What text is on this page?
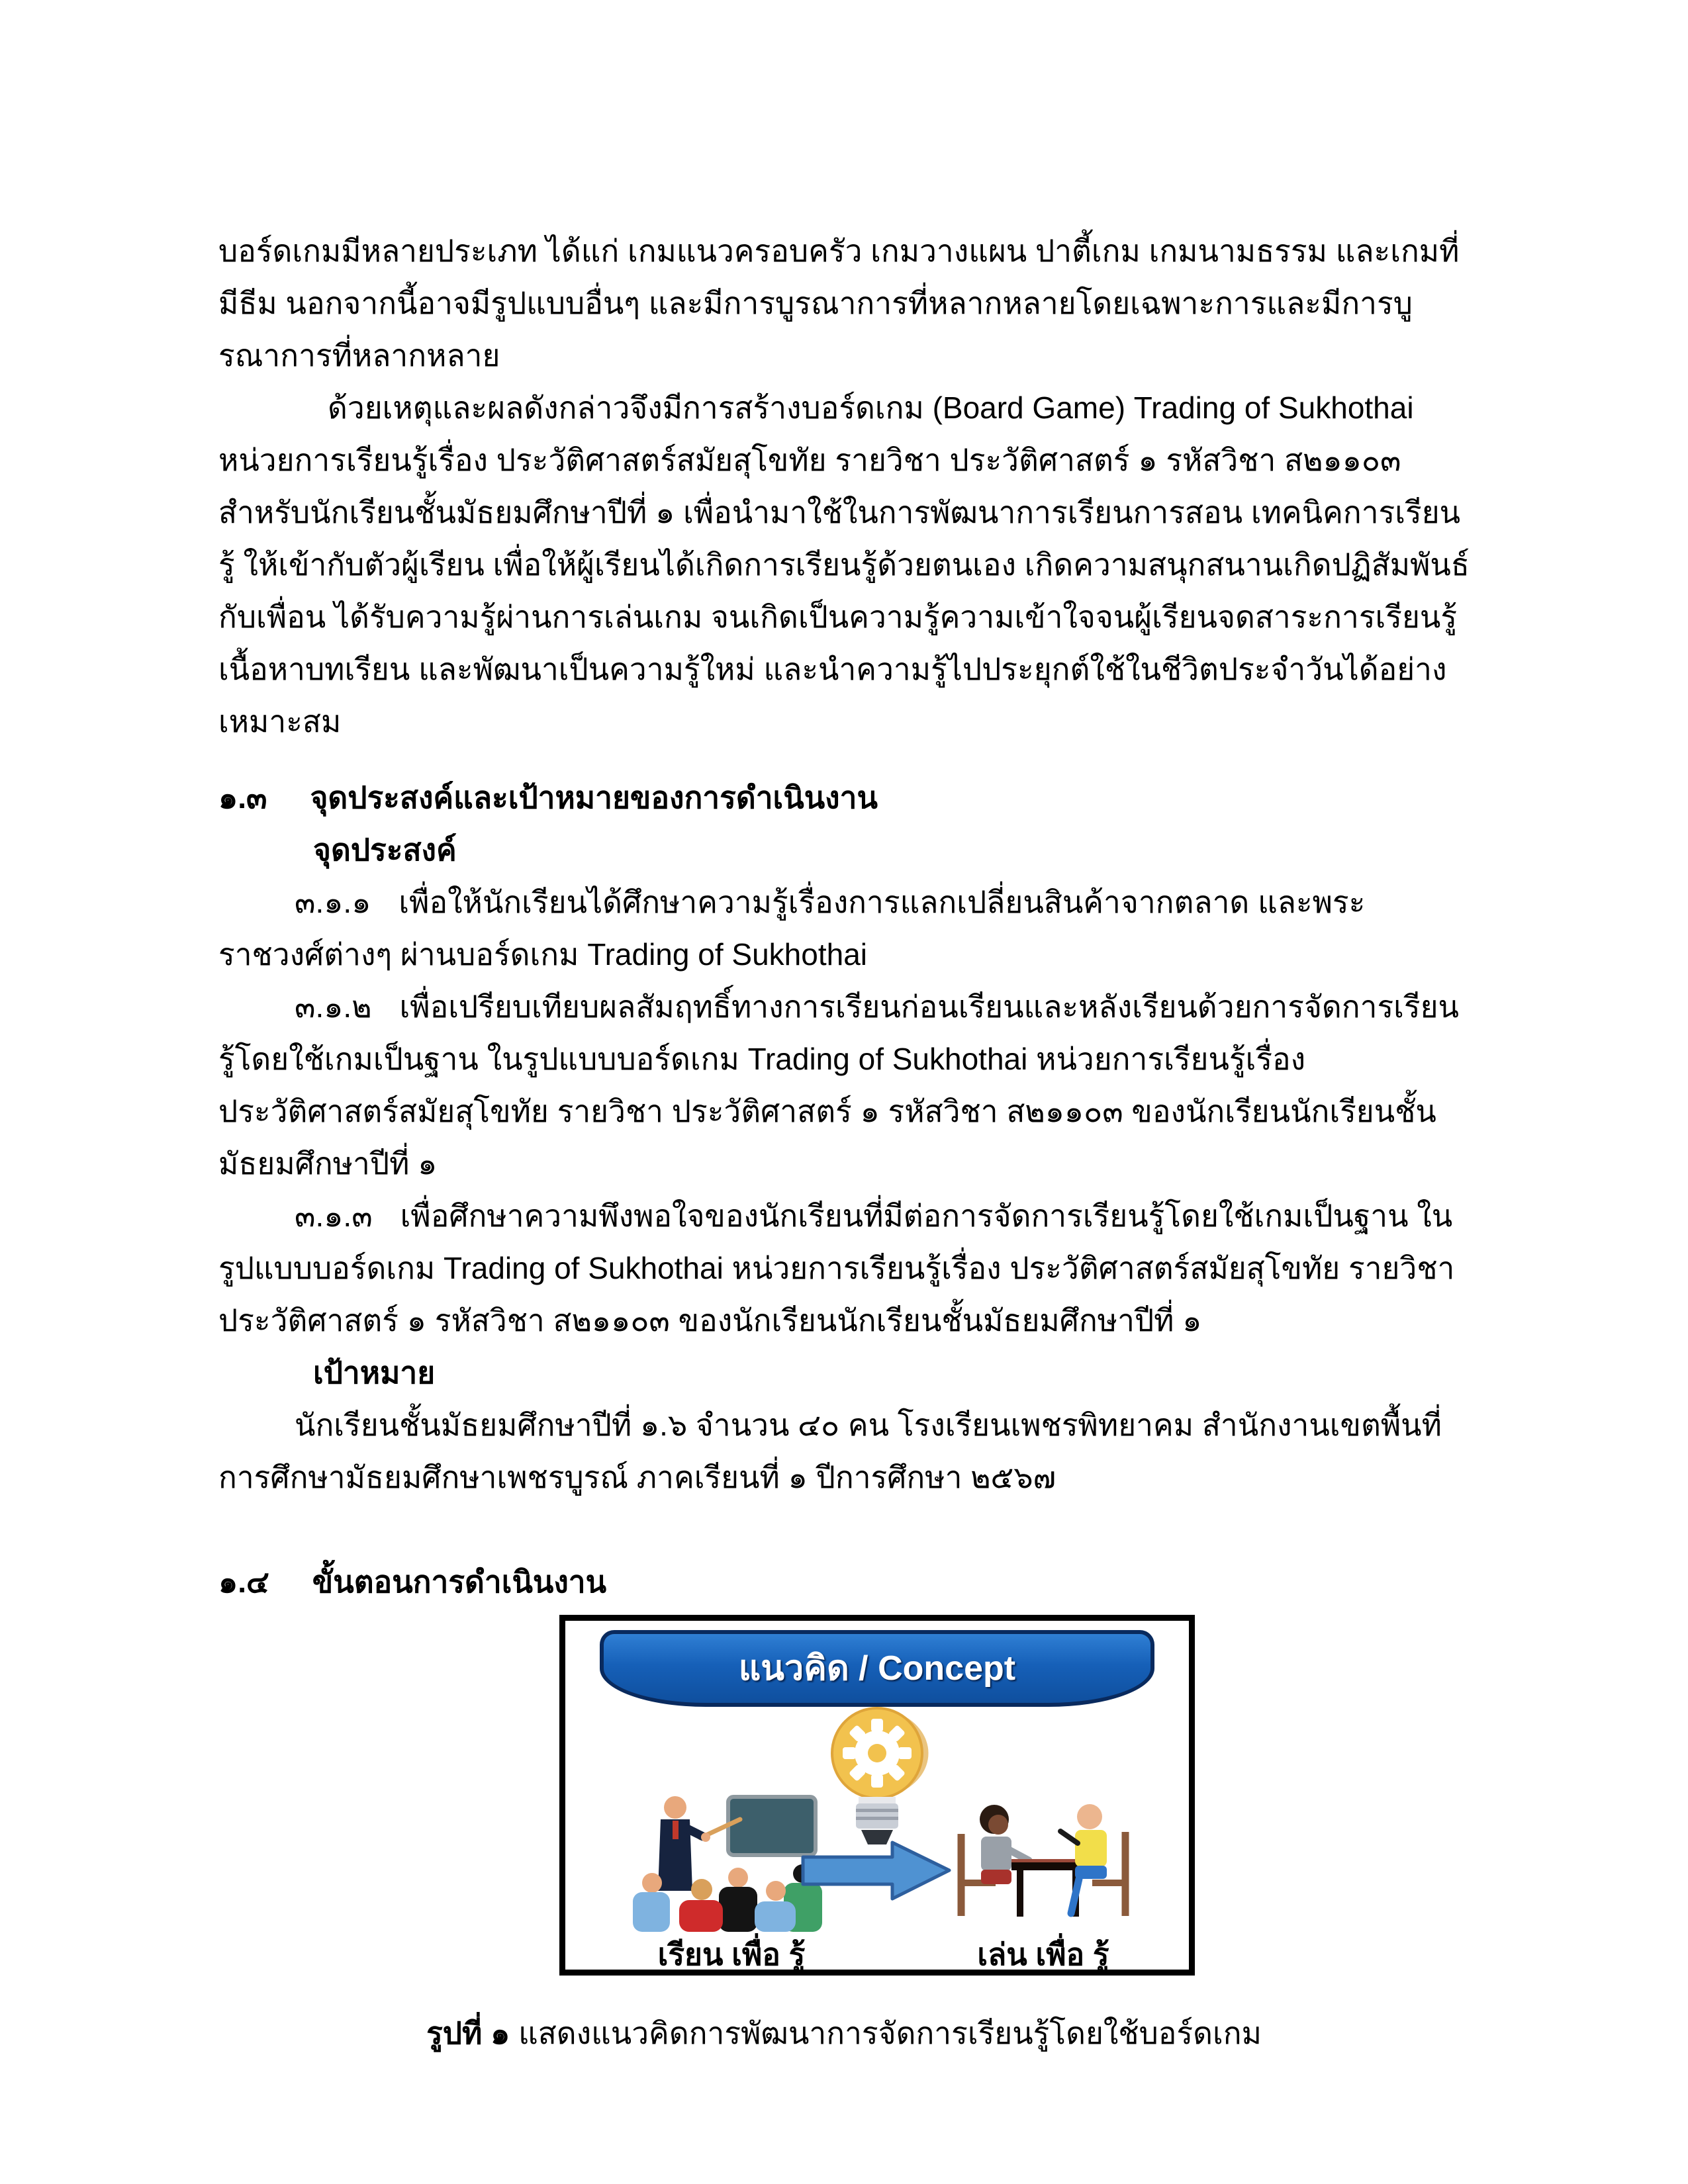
บอร์ดเกมมีหลายประเภท ได้แก่ เกมแนวครอบครัว เกมวางแผน ปาตี้เกม เกมนามธรรม และเกมที่มีธีม นอกจากนี้อาจมีรูปแบบอื่นๆ และมีการบูรณาการที่หลากหลายโดยเฉพาะการและมีการบูรณาการที่หลากหลาย

ด้วยเหตุและผลดังกล่าวจึงมีการสร้างบอร์ดเกม (Board Game) Trading of Sukhothai หน่วยการเรียนรู้เรื่อง ประวัติศาสตร์สมัยสุโขทัย รายวิชา ประวัติศาสตร์ ๑ รหัสวิชา ส๒๑๑๐๓ สำหรับนักเรียนชั้นมัธยมศึกษาปีที่ ๑ เพื่อนำมาใช้ในการพัฒนาการเรียนการสอน เทคนิคการเรียนรู้ ให้เข้ากับตัวผู้เรียน เพื่อให้ผู้เรียนได้เกิดการเรียนรู้ด้วยตนเอง เกิดความสนุกสนานเกิดปฏิสัมพันธ์กับเพื่อน ได้รับความรู้ผ่านการเล่นเกม จนเกิดเป็นความรู้ความเข้าใจจนผู้เรียนจดสาระการเรียนรู้ เนื้อหาบทเรียน และพัฒนาเป็นความรู้ใหม่ และนำความรู้ไปประยุกต์ใช้ในชีวิตประจำวันได้อย่างเหมาะสม

๑.๓ จุดประสงค์และเป้าหมายของการดำเนินงาน

จุดประสงค์

๓.๑.๑ เพื่อให้นักเรียนได้ศึกษาความรู้เรื่องการแลกเปลี่ยนสินค้าจากตลาด และพระราชวงศ์ต่างๆ ผ่านบอร์ดเกม Trading of Sukhothai

๓.๑.๒ เพื่อเปรียบเทียบผลสัมฤทธิ์ทางการเรียนก่อนเรียนและหลังเรียนด้วยการจัดการเรียนรู้โดยใช้เกมเป็นฐาน ในรูปแบบบอร์ดเกม Trading of Sukhothai หน่วยการเรียนรู้เรื่อง ประวัติศาสตร์สมัยสุโขทัย รายวิชา ประวัติศาสตร์ ๑ รหัสวิชา ส๒๑๑๐๓ ของนักเรียนนักเรียนชั้นมัธยมศึกษาปีที่ ๑

๓.๑.๓ เพื่อศึกษาความพึงพอใจของนักเรียนที่มีต่อการจัดการเรียนรู้โดยใช้เกมเป็นฐาน ในรูปแบบบอร์ดเกม Trading of Sukhothai หน่วยการเรียนรู้เรื่อง ประวัติศาสตร์สมัยสุโขทัย รายวิชา ประวัติศาสตร์ ๑ รหัสวิชา ส๒๑๑๐๓ ของนักเรียนนักเรียนชั้นมัธยมศึกษาปีที่ ๑

เป้าหมาย

นักเรียนชั้นมัธยมศึกษาปีที่ ๑.๖ จำนวน ๔๐ คน โรงเรียนเพชรพิทยาคม สำนักงานเขตพื้นที่การศึกษามัธยมศึกษาเพชรบูรณ์ ภาคเรียนที่ ๑ ปีการศึกษา ๒๕๖๗

๑.๔ ขั้นตอนการดำเนินงาน

แนวคิด / Concept
เรียน เพื่อ รู้	เล่น เพื่อ รู้

รูปที่ ๑ แสดงแนวคิดการพัฒนาการจัดการเรียนรู้โดยใช้บอร์ดเกม
